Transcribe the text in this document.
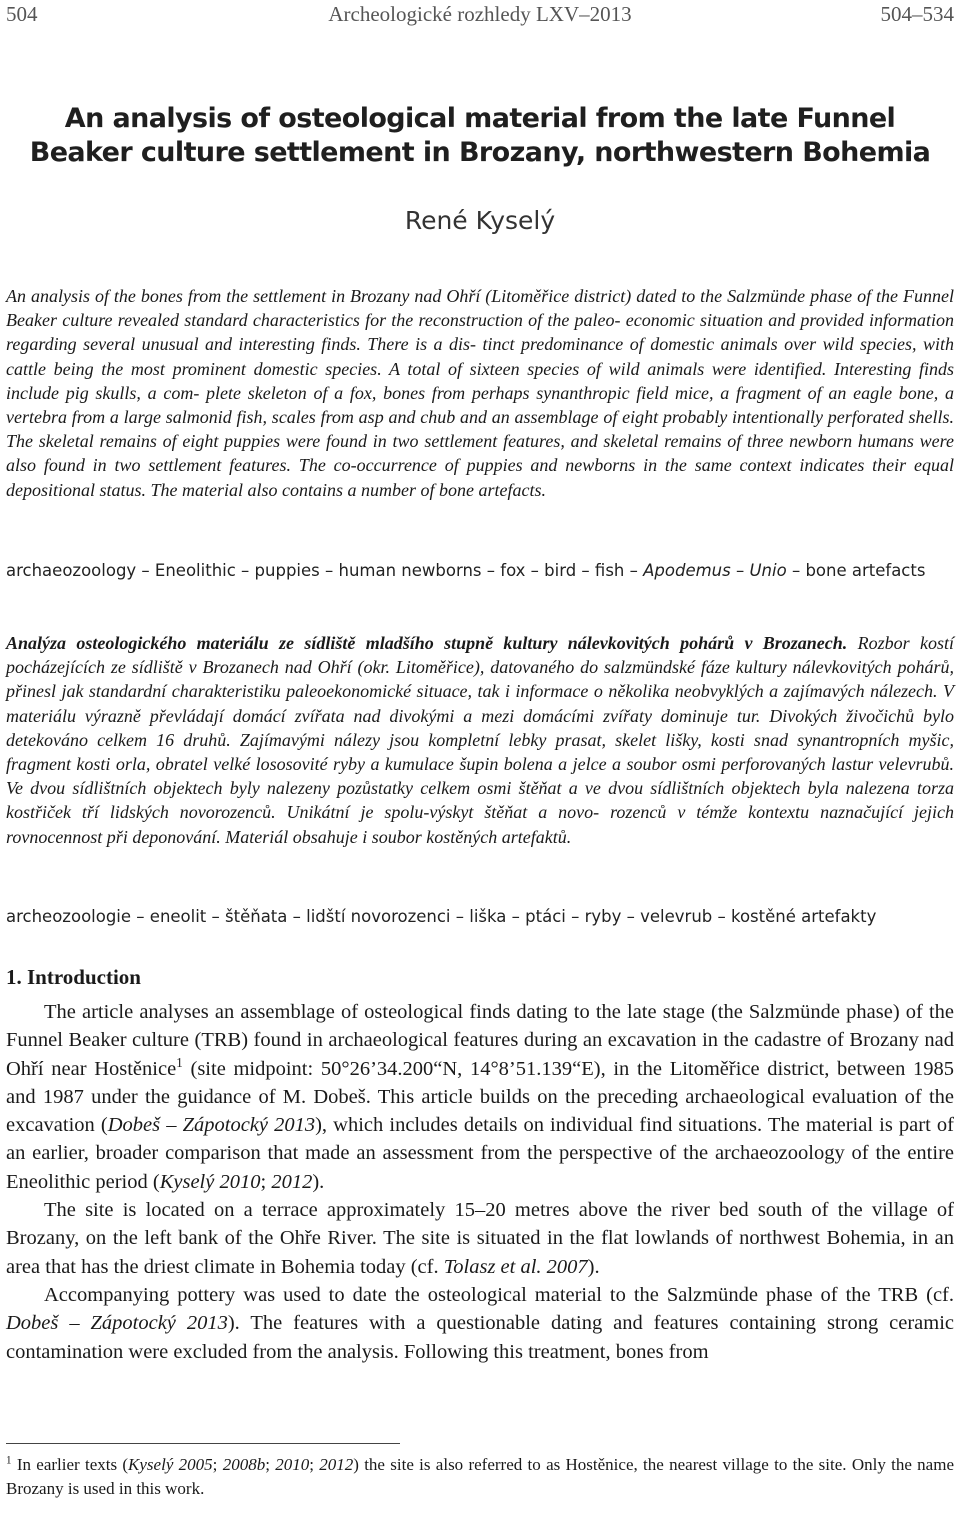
504	Archeologické rozhledy LXV–2013	504–534
An analysis of osteological material from the late Funnel
Beaker culture settlement in Brozany, northwestern Bohemia
René Kyselý
An analysis of the bones from the settlement in Brozany nad Ohří (Litoměřice district) dated to the Salzmünde phase of the Funnel Beaker culture revealed standard characteristics for the reconstruction of the paleo- economic situation and provided information regarding several unusual and interesting finds. There is a dis- tinct predominance of domestic animals over wild species, with cattle being the most prominent domestic species. A total of sixteen species of wild animals were identified. Interesting finds include pig skulls, a com- plete skeleton of a fox, bones from perhaps synanthropic field mice, a fragment of an eagle bone, a vertebra from a large salmonid fish, scales from asp and chub and an assemblage of eight probably intentionally perforated shells. The skeletal remains of eight puppies were found in two settlement features, and skeletal remains of three newborn humans were also found in two settlement features. The co-occurrence of puppies and newborns in the same context indicates their equal depositional status. The material also contains a number of bone artefacts.
archaeozoology – Eneolithic – puppies – human newborns – fox – bird – fish – Apodemus – Unio – bone artefacts
Analýza osteologického materiálu ze sídliště mladšího stupně kultury nálevkovitých pohárů v Brozanech. Rozbor kostí pocházejících ze sídliště v Brozanech nad Ohří (okr. Litoměřice), datovaného do salzmündské fáze kultury nálevkovitých pohárů, přinesl jak standardní charakteristiku paleoekonomické situace, tak i informace o několika neobvyklých a zajímavých nálezech. V materiálu výrazně převládají domácí zvířata nad divokými a mezi domácími zvířaty dominuje tur. Divokých živočichů bylo detekováno celkem 16 druhů. Zajímavými nálezy jsou kompletní lebky prasat, skelet lišky, kosti snad synantropních myšic, fragment kosti orla, obratel velké lososovité ryby a kumulace šupin bolena a jelce a soubor osmi perforovaných lastur velevrubů. Ve dvou sídlištních objektech byly nalezeny pozůstatky celkem osmi štěňat a ve dvou sídlištních objektech byla nalezena torza kostřiček tří lidských novorozenců. Unikátní je spolu-výskyt štěňat a novo- rozenců v témže kontextu naznačující jejich rovnocennost při deponování. Materiál obsahuje i soubor kostěných artefaktů.
archeozoologie – eneolit – štěňata – lidští novorozenci – liška – ptáci – ryby – velevrub – kostěné artefakty
1. Introduction

The article analyses an assemblage of osteological finds dating to the late stage (the Salzmünde phase) of the Funnel Beaker culture (TRB) found in archaeological features during an excavation in the cadastre of Brozany nad Ohří near Hostěnice$^1$ (site midpoint: 50°26’34.200“N, 14°8’51.139“E), in the Litoměřice district, between 1985 and 1987 under the guidance of M. Dobeš. This article builds on the preceding archaeological evaluation of the excavation (Dobeš – Zápotocký 2013), which includes details on individual find situations. The material is part of an earlier, broader comparison that made an assessment from the perspective of the archaeozoology of the entire Eneolithic period (Kyselý 2010; 2012).

The site is located on a terrace approximately 15–20 metres above the river bed south of the village of Brozany, on the left bank of the Ohře River. The site is situated in the flat lowlands of northwest Bohemia, in an area that has the driest climate in Bohemia today (cf. Tolasz et al. 2007).

Accompanying pottery was used to date the osteological material to the Salzmünde phase of the TRB (cf. Dobeš – Zápotocký 2013). The features with a questionable dating and features containing strong ceramic contamination were excluded from the analysis. Following this treatment, bones from

$^1$ In earlier texts (Kyselý 2005; 2008b; 2010; 2012) the site is also referred to as Hostěnice, the nearest village to the site. Only the name Brozany is used in this work.
